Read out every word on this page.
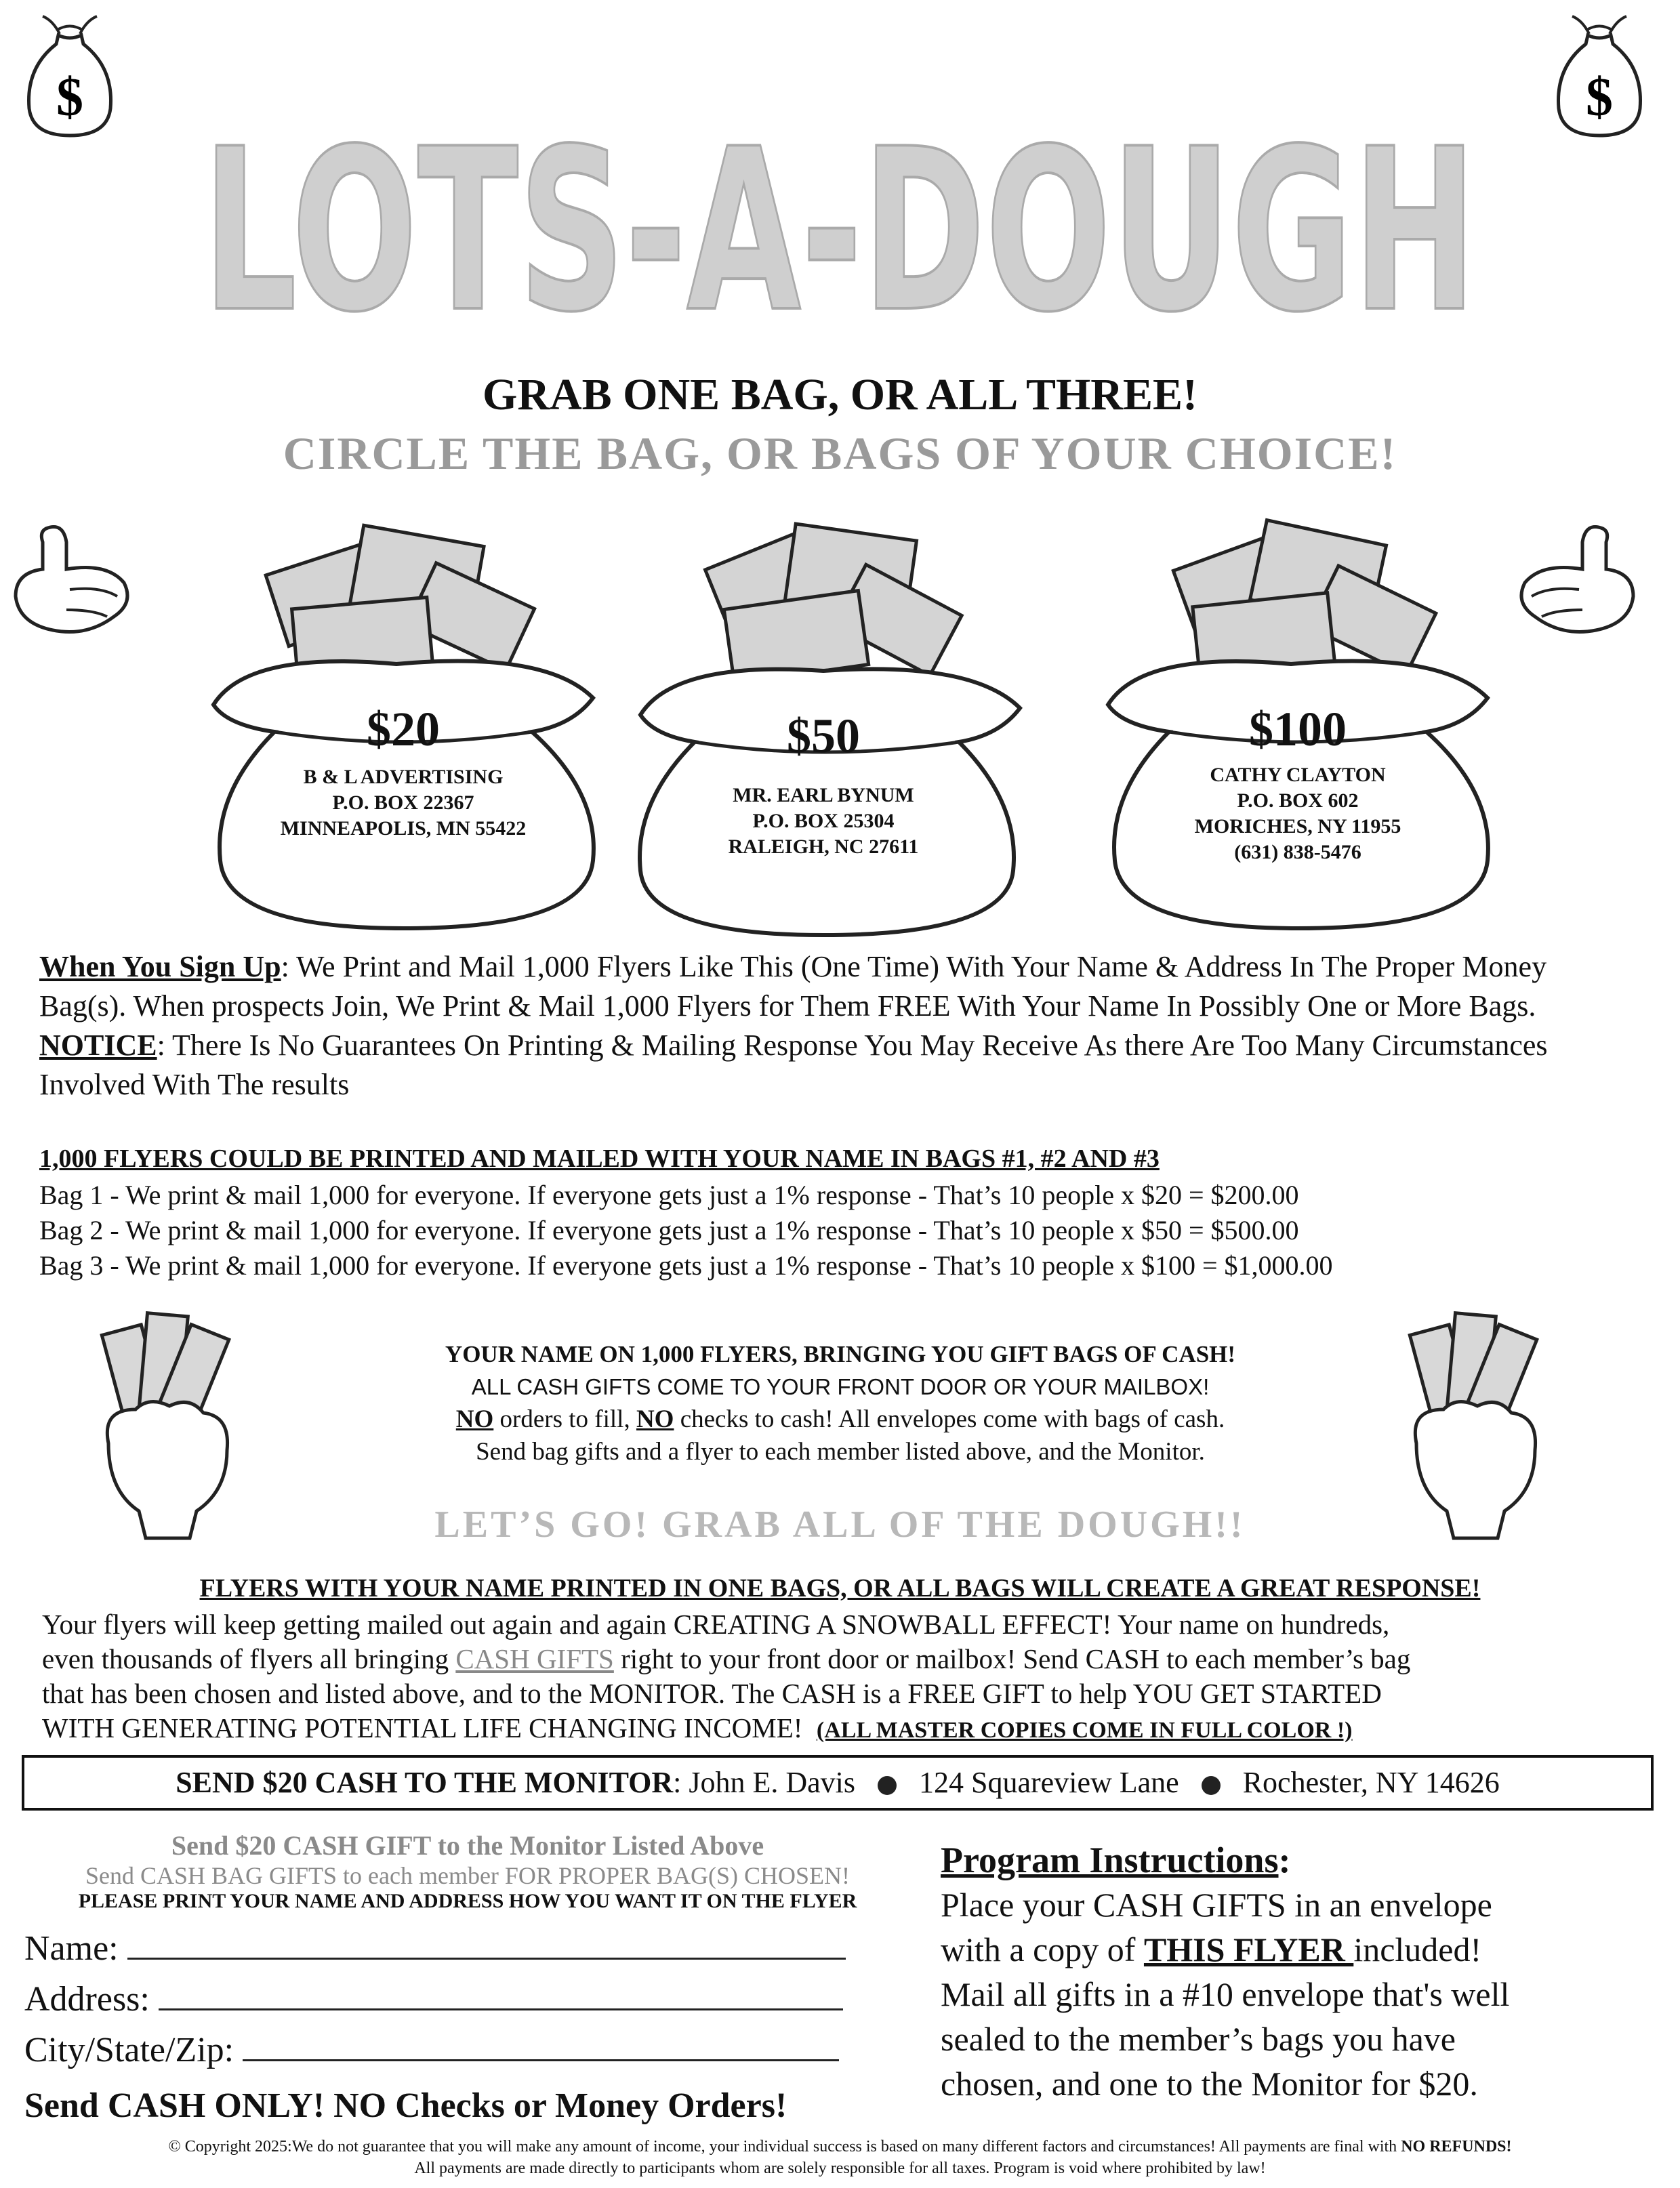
$	$
LOTS-A-DOUGH
GRAB ONE BAG, OR ALL THREE!
CIRCLE THE BAG, OR BAGS OF YOUR CHOICE!
$20
B & L ADVERTISING
P.O. BOX 22367
MINNEAPOLIS, MN 55422
$50
MR. EARL BYNUM
P.O. BOX 25304
RALEIGH, NC 27611
$100
CATHY CLAYTON
P.O. BOX 602
MORICHES, NY 11955
(631) 838-5476
When You Sign Up: We Print and Mail 1,000 Flyers Like This (One Time) With Your Name & Address In The Proper Money Bag(s). When prospects Join, We Print & Mail 1,000 Flyers for Them FREE With Your Name In Possibly One or More Bags. NOTICE: There Is No Guarantees On Printing & Mailing Response You May Receive As there Are Too Many Circumstances Involved With The results
1,000 FLYERS COULD BE PRINTED AND MAILED WITH YOUR NAME IN BAGS #1, #2 AND #3
Bag 1 - We print & mail 1,000 for everyone. If everyone gets just a 1% response - That’s 10 people x $20 = $200.00
Bag 2 - We print & mail 1,000 for everyone. If everyone gets just a 1% response - That’s 10 people x $50 = $500.00
Bag 3 - We print & mail 1,000 for everyone. If everyone gets just a 1% response - That’s 10 people x $100 = $1,000.00
YOUR NAME ON 1,000 FLYERS, BRINGING YOU GIFT BAGS OF CASH!
ALL CASH GIFTS COME TO YOUR FRONT DOOR OR YOUR MAILBOX!
NO orders to fill, NO checks to cash! All envelopes come with bags of cash.
Send bag gifts and a flyer to each member listed above, and the Monitor.
LET’S GO! GRAB ALL OF THE DOUGH!!
FLYERS WITH YOUR NAME PRINTED IN ONE BAGS, OR ALL BAGS WILL CREATE A GREAT RESPONSE!
Your flyers will keep getting mailed out again and again CREATING A SNOWBALL EFFECT! Your name on hundreds,
even thousands of flyers all bringing CASH GIFTS right to your front door or mailbox! Send CASH to each member’s bag
that has been chosen and listed above, and to the MONITOR. The CASH is a FREE GIFT to help YOU GET STARTED
WITH GENERATING POTENTIAL LIFE CHANGING INCOME! (ALL MASTER COPIES COME IN FULL COLOR !)
SEND $20 CASH TO THE MONITOR: John E. Davis 124 Squareview Lane Rochester, NY 14626
Send $20 CASH GIFT to the Monitor Listed Above
Send CASH BAG GIFTS to each member FOR PROPER BAG(S) CHOSEN!
PLEASE PRINT YOUR NAME AND ADDRESS HOW YOU WANT IT ON THE FLYER
Name:
Address:
City/State/Zip:
Send CASH ONLY! NO Checks or Money Orders!
Program Instructions:
Place your CASH GIFTS in an envelope
with a copy of THIS FLYER included!
Mail all gifts in a #10 envelope that's well
sealed to the member’s bags you have
chosen, and one to the Monitor for $20.
© Copyright 2025:We do not guarantee that you will make any amount of income, your individual success is based on many different factors and circumstances! All payments are final with NO REFUNDS!
All payments are made directly to participants whom are solely responsible for all taxes. Program is void where prohibited by law!
